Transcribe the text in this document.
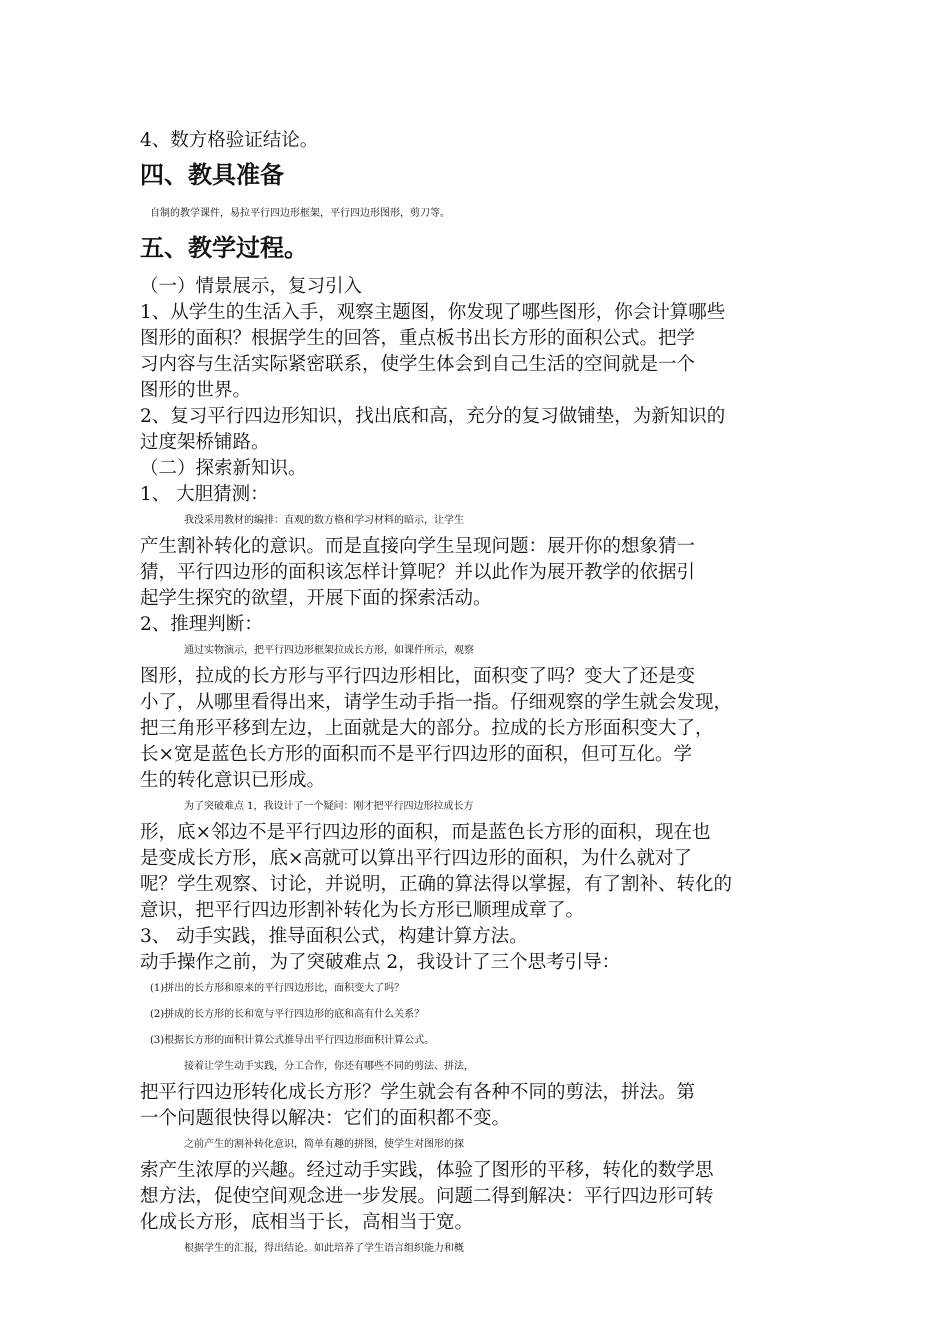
4、数方格验证结论。
四、教具准备
自制的教学课件，易拉平行四边形框架，平行四边形图形，剪刀等。
五、教学过程。
（一）情景展示，复习引入
1、从学生的生活入手，观察主题图，你发现了哪些图形，你会计算哪些
图形的面积？根据学生的回答，重点板书出长方形的面积公式。把学
习内容与生活实际紧密联系，使学生体会到自己生活的空间就是一个
图形的世界。
2、复习平行四边形知识，找出底和高，充分的复习做铺垫，为新知识的
过度架桥铺路。
（二）探索新知识。
1、 大胆猜测：
我没采用教材的编排：直观的数方格和学习材料的暗示，让学生
产生割补转化的意识。而是直接向学生呈现问题：展开你的想象猜一
猜，平行四边形的面积该怎样计算呢？并以此作为展开教学的依据引
起学生探究的欲望，开展下面的探索活动。
2、推理判断：
通过实物演示，把平行四边形框架拉成长方形，如课件所示，观察
图形，拉成的长方形与平行四边形相比，面积变了吗？变大了还是变
小了，从哪里看得出来，请学生动手指一指。仔细观察的学生就会发现，
把三角形平移到左边，上面就是大的部分。拉成的长方形面积变大了，
长×宽是蓝色长方形的面积而不是平行四边形的面积，但可互化。学
生的转化意识已形成。
为了突破难点 1，我设计了一个疑问：刚才把平行四边形拉成长方
形，底×邻边不是平行四边形的面积，而是蓝色长方形的面积，现在也
是变成长方形，底×高就可以算出平行四边形的面积，为什么就对了
呢？学生观察、讨论，并说明，正确的算法得以掌握，有了割补、转化的
意识，把平行四边形割补转化为长方形已顺理成章了。
3、 动手实践，推导面积公式，构建计算方法。
动手操作之前，为了突破难点 2，我设计了三个思考引导：
(1)拼出的长方形和原来的平行四边形比，面积变大了吗？
(2)拼成的长方形的长和宽与平行四边形的底和高有什么关系？
(3)根据长方形的面积计算公式推导出平行四边形面积计算公式。
接着让学生动手实践，分工合作，你还有哪些不同的剪法、拼法，
把平行四边形转化成长方形？学生就会有各种不同的剪法，拼法。第
一个问题很快得以解决：它们的面积都不变。
之前产生的割补转化意识，简单有趣的拼图，使学生对图形的探
索产生浓厚的兴趣。经过动手实践，体验了图形的平移，转化的数学思
想方法，促使空间观念进一步发展。问题二得到解决：平行四边形可转
化成长方形，底相当于长，高相当于宽。
根据学生的汇报，得出结论。如此培养了学生语言组织能力和概
